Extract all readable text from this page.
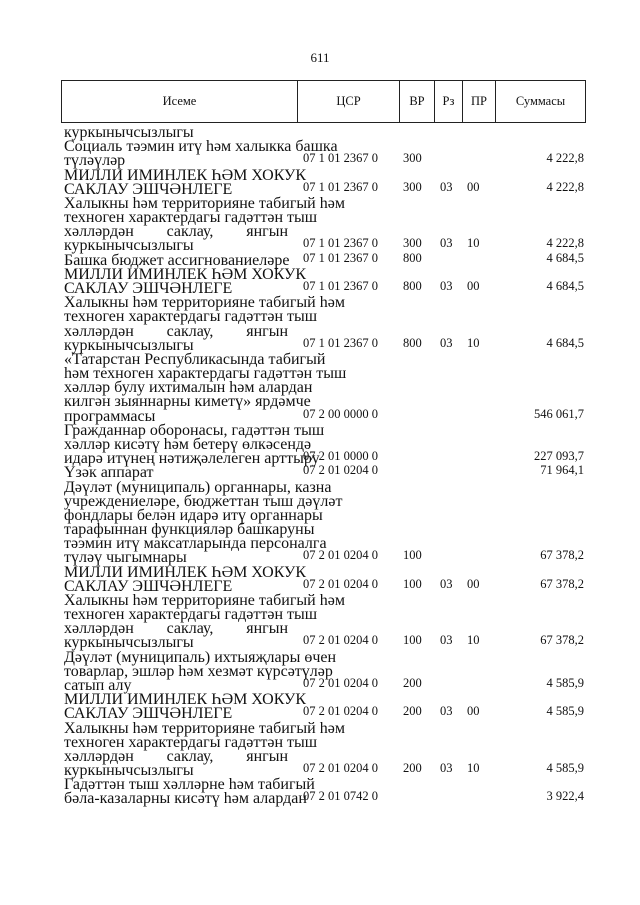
611
Исеме	ЦСР	ВР	Рз	ПР	Суммасы
куркынычсызлыгы
Социаль тәэмин итү һәм халыкка башка
түләүләр	07 1 01 2367 0 300	4 222,8
МИЛЛИ ИМИНЛЕК ҺӘМ ХОКУК
САКЛАУ ЭШЧӘНЛЕГЕ	07 1 01 2367 0 300 03 00	4 222,8
Халыкны һәм территорияне табигый һәм
техноген характердагы гадәттән тыш
хәлләрдән саклау, янгын
куркынычсызлыгы	07 1 01 2367 0 300 03 10	4 222,8
Башка бюджет ассигнованиеләре 07 1 01 2367 0 800	4 684,5
МИЛЛИ ИМИНЛЕК ҺӘМ ХОКУК
САКЛАУ ЭШЧӘНЛЕГЕ	07 1 01 2367 0 800 03 00	4 684,5
Халыкны һәм территорияне табигый һәм
техноген характердагы гадәттән тыш
хәлләрдән саклау, янгын
куркынычсызлыгы	07 1 01 2367 0 800 03 10	4 684,5
«Татарстан Республикасында табигый
һәм техноген характердагы гадәттән тыш
хәлләр булу ихтималын һәм алардан
килгән зыяннарны киметү» ярдәмче
программасы	07 2 00 0000 0	546 061,7
Гражданнар оборонасы, гадәттән тыш
хәлләр кисәтү һәм бетерү өлкәсендә
идарә итүнең нәтиҗәлелеген арттыру
07 2 01 0000 0	227 093,7
Үзәк аппарат	07 2 01 0204 0	71 964,1
Дәүләт (муниципаль) органнары, казна
учреждениеләре, бюджеттан тыш дәүләт
фондлары белән идарә итү органнары
тарафыннан функцияләр башкаруны
тәэмин итү максатларында персоналга
түләү чыгымнары	07 2 01 0204 0 100	67 378,2
МИЛЛИ ИМИНЛЕК ҺӘМ ХОКУК
САКЛАУ ЭШЧӘНЛЕГЕ	07 2 01 0204 0 100 03 00	67 378,2
Халыкны һәм территорияне табигый һәм
техноген характердагы гадәттән тыш
хәлләрдән саклау, янгын
куркынычсызлыгы	07 2 01 0204 0 100 03 10	67 378,2
Дәүләт (муниципаль) ихтыяҗлары өчен
товарлар, эшләр һәм хезмәт күрсәтүләр
сатып алу	07 2 01 0204 0 200	4 585,9
МИЛЛИ ИМИНЛЕК ҺӘМ ХОКУК
САКЛАУ ЭШЧӘНЛЕГЕ	07 2 01 0204 0 200 03 00	4 585,9
Халыкны һәм территорияне табигый һәм
техноген характердагы гадәттән тыш
хәлләрдән саклау, янгын
куркынычсызлыгы	07 2 01 0204 0 200 03 10	4 585,9
Гадәттән тыш хәлләрне һәм табигый
бәла-казаларны кисәтү һәм алардан
07 2 01 0742 0	3 922,4
